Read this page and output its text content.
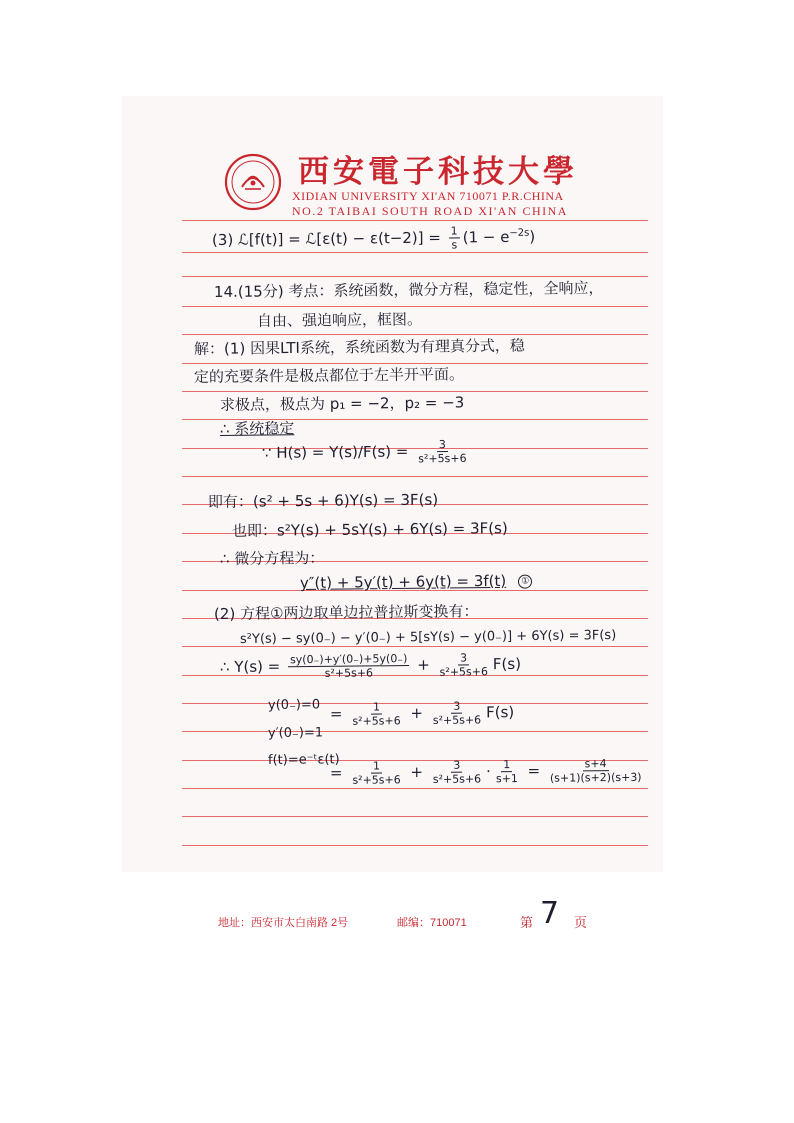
西安電子科技大學
XIDIAN UNIVERSITY XI'AN 710071 P.R.CHINA
NO.2 TAIBAI SOUTH ROAD XI'AN CHINA
(3) ℒ[f(t)] = ℒ[ε(t) − $\varepsilon(t-2)] = \frac{1}{s} (1 - e^{-2s})$
14.(15分) 考点：系统函数，微分方程，稳定性，全响应，
自由、强迫响应，框图。
解：(1) 因果LTI系统，系统函数为有理真分式，稳
定的充要条件是极点都位于左半开平面。
求极点，极点为 p₁ = −2，p₂ = −3
∴ 系统稳定
∵ $H(s) = Y(s)/F(s) = \frac{3}{\text{s²+5s+6}}$
即有：(s² + 5s + 6)Y(s) = 3F(s)
也即：s²Y(s) + 5sY(s) + 6Y(s) = 3F(s)
∴ 微分方程为：
y″(t) + 5y′(t) + 6y(t) = 3f(t) ①
(2) 方程①两边取单边拉普拉斯变换有：
s²Y(s) − sy(0₋) − y′(0₋) + 5[sY(s) − y(0₋)] + 6Y(s) = 3F(s)
∴ $Y(s) = \frac{sy(0_-)+y'(0_-)+5y(0_-)}{\text{s²+5s+6}} + \frac{3}{\text{s²+5s+6}} F(s)$
y(0₋)=0
y′(0₋)=1
= $\frac{1}{\text{s²+5s+6}} + \frac{3}{\text{s²+5s+6}} F(s)$
f(t)=e⁻ᵗε(t)
= $\frac{1}{\text{s²+5s+6}} + \frac{3}{\text{s²+5s+6}} \cdot \frac{1}{s+1} = \frac{s+4}{(s+1)(s+2)(s+3)}$
地址：西安市太白南路 2号	邮编：710071	第 7 页
